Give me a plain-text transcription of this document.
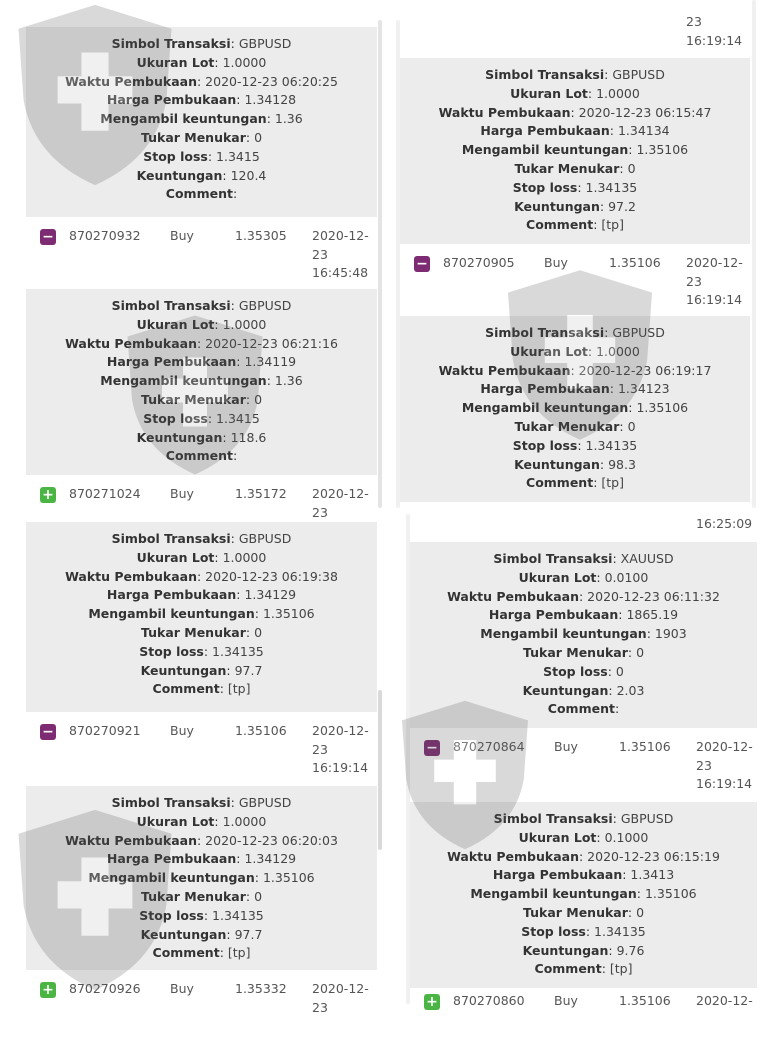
Simbol Transaksi: GBPUSD
Ukuran Lot: 1.0000
Waktu Pembukaan: 2020-12-23 06:20:25
Harga Pembukaan: 1.34128
Mengambil keuntungan: 1.36
Tukar Menukar: 0
Stop loss: 1.3415
Keuntungan: 120.4
Comment:
− 870270932 Buy	1.35305 2020-12-
23
16:45:48
Simbol Transaksi: GBPUSD
Ukuran Lot: 1.0000
Waktu Pembukaan: 2020-12-23 06:21:16
Harga Pembukaan: 1.34119
Mengambil keuntungan: 1.36
Tukar Menukar: 0
Stop loss: 1.3415
Keuntungan: 118.6
Comment:
+ 870271024 Buy	1.35172 2020-12-
23
23
16:19:14
Simbol Transaksi: GBPUSD
Ukuran Lot: 1.0000
Waktu Pembukaan: 2020-12-23 06:15:47
Harga Pembukaan: 1.34134
Mengambil keuntungan: 1.35106
Tukar Menukar: 0
Stop loss: 1.34135
Keuntungan: 97.2
Comment: [tp]
− 870270905 Buy	1.35106 2020-12-
23
16:19:14
Simbol Transaksi: GBPUSD
Ukuran Lot: 1.0000
Waktu Pembukaan: 2020-12-23 06:19:17
Harga Pembukaan: 1.34123
Mengambil keuntungan: 1.35106
Tukar Menukar: 0
Stop loss: 1.34135
Keuntungan: 98.3
Comment: [tp]
Simbol Transaksi: GBPUSD
Ukuran Lot: 1.0000
Waktu Pembukaan: 2020-12-23 06:19:38
Harga Pembukaan: 1.34129
Mengambil keuntungan: 1.35106
Tukar Menukar: 0
Stop loss: 1.34135
Keuntungan: 97.7
Comment: [tp]
− 870270921 Buy	1.35106 2020-12-
23
16:19:14
Simbol Transaksi: GBPUSD
Ukuran Lot: 1.0000
Waktu Pembukaan: 2020-12-23 06:20:03
Harga Pembukaan: 1.34129
Mengambil keuntungan: 1.35106
Tukar Menukar: 0
Stop loss: 1.34135
Keuntungan: 97.7
Comment: [tp]
+ 870270926 Buy	1.35332 2020-12-
23
16:25:09
Simbol Transaksi: XAUUSD
Ukuran Lot: 0.0100
Waktu Pembukaan: 2020-12-23 06:11:32
Harga Pembukaan: 1865.19
Mengambil keuntungan: 1903
Tukar Menukar: 0
Stop loss: 0
Keuntungan: 2.03
Comment:
− 870270864 Buy	1.35106 2020-12-
23
16:19:14
Simbol Transaksi: GBPUSD
Ukuran Lot: 0.1000
Waktu Pembukaan: 2020-12-23 06:15:19
Harga Pembukaan: 1.3413
Mengambil keuntungan: 1.35106
Tukar Menukar: 0
Stop loss: 1.34135
Keuntungan: 9.76
Comment: [tp]
+ 870270860 Buy	1.35106 2020-12-
